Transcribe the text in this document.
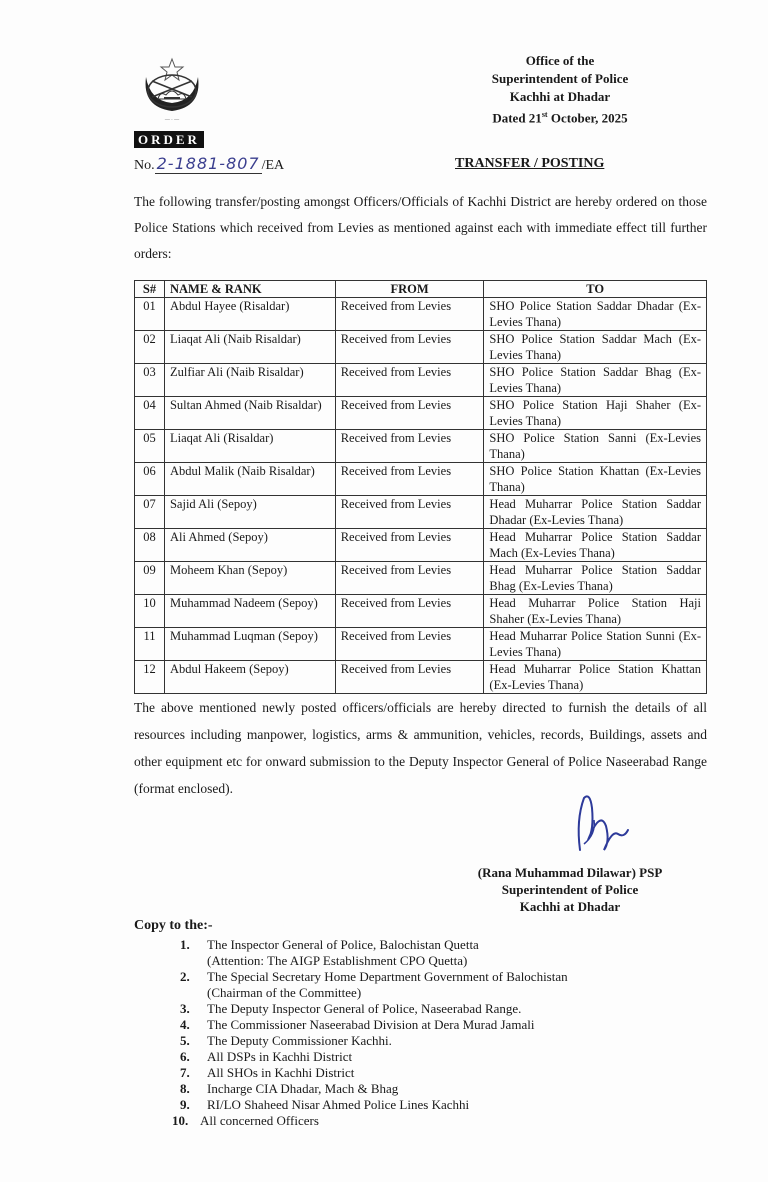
— · —
Office of the
Superintendent of Police
Kachhi at Dhadar
Dated 21st October, 2025
ORDER
No. 2-1881-807 /EA	TRANSFER / POSTING

The following transfer/posting amongst Officers/Officials of Kachhi District are hereby ordered on those Police Stations which received from Levies as mentioned against each with immediate effect till further orders:

S#	NAME & RANK	FROM	TO
01	Abdul Hayee (Risaldar)	Received from Levies	SHO Police Station Saddar Dhadar (Ex-Levies Thana)
02	Liaqat Ali (Naib Risaldar)	Received from Levies	SHO Police Station Saddar Mach (Ex-Levies Thana)
03	Zulfiar Ali (Naib Risaldar)	Received from Levies	SHO Police Station Saddar Bhag (Ex-Levies Thana)
04	Sultan Ahmed (Naib Risaldar)	Received from Levies	SHO Police Station Haji Shaher (Ex-Levies Thana)
05	Liaqat Ali (Risaldar)	Received from Levies	SHO Police Station Sanni (Ex-Levies Thana)
06	Abdul Malik (Naib Risaldar)	Received from Levies	SHO Police Station Khattan (Ex-Levies Thana)
07	Sajid Ali (Sepoy)	Received from Levies	Head Muharrar Police Station Saddar Dhadar (Ex-Levies Thana)
08	Ali Ahmed (Sepoy)	Received from Levies	Head Muharrar Police Station Saddar Mach (Ex-Levies Thana)
09	Moheem Khan (Sepoy)	Received from Levies	Head Muharrar Police Station Saddar Bhag (Ex-Levies Thana)
10	Muhammad Nadeem (Sepoy)	Received from Levies	Head Muharrar Police Station Haji Shaher (Ex-Levies Thana)
11	Muhammad Luqman (Sepoy)	Received from Levies	Head Muharrar Police Station Sunni (Ex-Levies Thana)
12	Abdul Hakeem (Sepoy)	Received from Levies	Head Muharrar Police Station Khattan (Ex-Levies Thana)

The above mentioned newly posted officers/officials are hereby directed to furnish the details of all resources including manpower, logistics, arms & ammunition, vehicles, records, Buildings, assets and other equipment etc for onward submission to the Deputy Inspector General of Police Naseerabad Range (format enclosed).

(Rana Muhammad Dilawar) PSP
Superintendent of Police
Kachhi at Dhadar
Copy to the:-
1. The Inspector General of Police, Balochistan Quetta
(Attention: The AIGP Establishment CPO Quetta)
2. The Special Secretary Home Department Government of Balochistan
(Chairman of the Committee)
3. The Deputy Inspector General of Police, Naseerabad Range.
4. The Commissioner Naseerabad Division at Dera Murad Jamali
5. The Deputy Commissioner Kachhi.
6. All DSPs in Kachhi District
7. All SHOs in Kachhi District
8. Incharge CIA Dhadar, Mach & Bhag
9. RI/LO Shaheed Nisar Ahmed Police Lines Kachhi
10. All concerned Officers
